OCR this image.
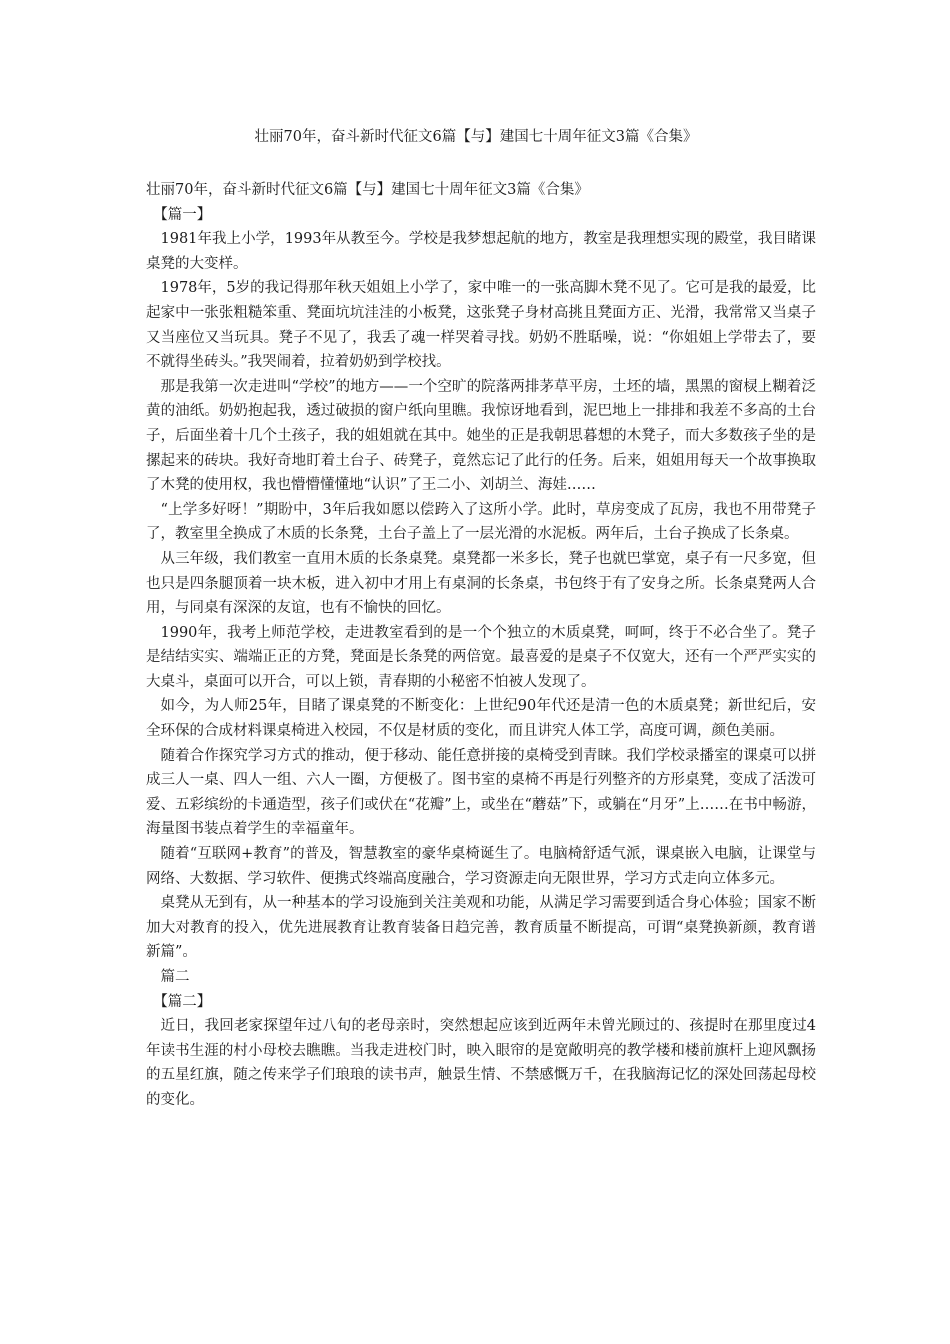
壮丽70年，奋斗新时代征文6篇【与】建国七十周年征文3篇《合集》

壮丽70年，奋斗新时代征文6篇【与】建国七十周年征文3篇《合集》

【篇一】

1981年我上小学，1993年从教至今。学校是我梦想起航的地方，教室是我理想实现的殿堂，我目睹课桌凳的大变样。

1978年，5岁的我记得那年秋天姐姐上小学了，家中唯一的一张高脚木凳不见了。它可是我的最爱，比起家中一张张粗糙笨重、凳面坑坑洼洼的小板凳，这张凳子身材高挑且凳面方正、光滑，我常常又当桌子又当座位又当玩具。凳子不见了，我丢了魂一样哭着寻找。奶奶不胜聒噪，说：“你姐姐上学带去了，要不就得坐砖头。”我哭闹着，拉着奶奶到学校找。

那是我第一次走进叫“学校”的地方——一个空旷的院落两排茅草平房，土坯的墙，黑黑的窗棂上糊着泛黄的油纸。奶奶抱起我，透过破损的窗户纸向里瞧。我惊讶地看到，泥巴地上一排排和我差不多高的土台子，后面坐着十几个土孩子，我的姐姐就在其中。她坐的正是我朝思暮想的木凳子，而大多数孩子坐的是摞起来的砖块。我好奇地盯着土台子、砖凳子，竟然忘记了此行的任务。后来，姐姐用每天一个故事换取了木凳的使用权，我也懵懵懂懂地“认识”了王二小、刘胡兰、海娃……

“上学多好呀！”期盼中，3年后我如愿以偿跨入了这所小学。此时，草房变成了瓦房，我也不用带凳子了，教室里全换成了木质的长条凳，土台子盖上了一层光滑的水泥板。两年后，土台子换成了长条桌。

从三年级，我们教室一直用木质的长条桌凳。桌凳都一米多长，凳子也就巴掌宽，桌子有一尺多宽，但也只是四条腿顶着一块木板，进入初中才用上有桌洞的长条桌，书包终于有了安身之所。长条桌凳两人合用，与同桌有深深的友谊，也有不愉快的回忆。

1990年，我考上师范学校，走进教室看到的是一个个独立的木质桌凳，呵呵，终于不必合坐了。凳子是结结实实、端端正正的方凳，凳面是长条凳的两倍宽。最喜爱的是桌子不仅宽大，还有一个严严实实的大桌斗，桌面可以开合，可以上锁，青春期的小秘密不怕被人发现了。

如今，为人师25年，目睹了课桌凳的不断变化：上世纪90年代还是清一色的木质桌凳；新世纪后，安全环保的合成材料课桌椅进入校园，不仅是材质的变化，而且讲究人体工学，高度可调，颜色美丽。

随着合作探究学习方式的推动，便于移动、能任意拼接的桌椅受到青睐。我们学校录播室的课桌可以拼成三人一桌、四人一组、六人一圈，方便极了。图书室的桌椅不再是行列整齐的方形桌凳，变成了活泼可爱、五彩缤纷的卡通造型，孩子们或伏在“花瓣”上，或坐在“蘑菇”下，或躺在“月牙”上……在书中畅游，海量图书装点着学生的幸福童年。

随着“互联网+教育”的普及，智慧教室的豪华桌椅诞生了。电脑椅舒适气派，课桌嵌入电脑，让课堂与网络、大数据、学习软件、便携式终端高度融合，学习资源走向无限世界，学习方式走向立体多元。

桌凳从无到有，从一种基本的学习设施到关注美观和功能，从满足学习需要到适合身心体验；国家不断加大对教育的投入，优先进展教育让教育装备日趋完善，教育质量不断提高，可谓“桌凳换新颜，教育谱新篇”。

篇二

【篇二】

近日，我回老家探望年过八旬的老母亲时，突然想起应该到近两年未曾光顾过的、孩提时在那里度过4年读书生涯的村小母校去瞧瞧。当我走进校门时，映入眼帘的是宽敞明亮的教学楼和楼前旗杆上迎风飘扬的五星红旗，随之传来学子们琅琅的读书声，触景生情、不禁感慨万千，在我脑海记忆的深处回荡起母校的变化。
